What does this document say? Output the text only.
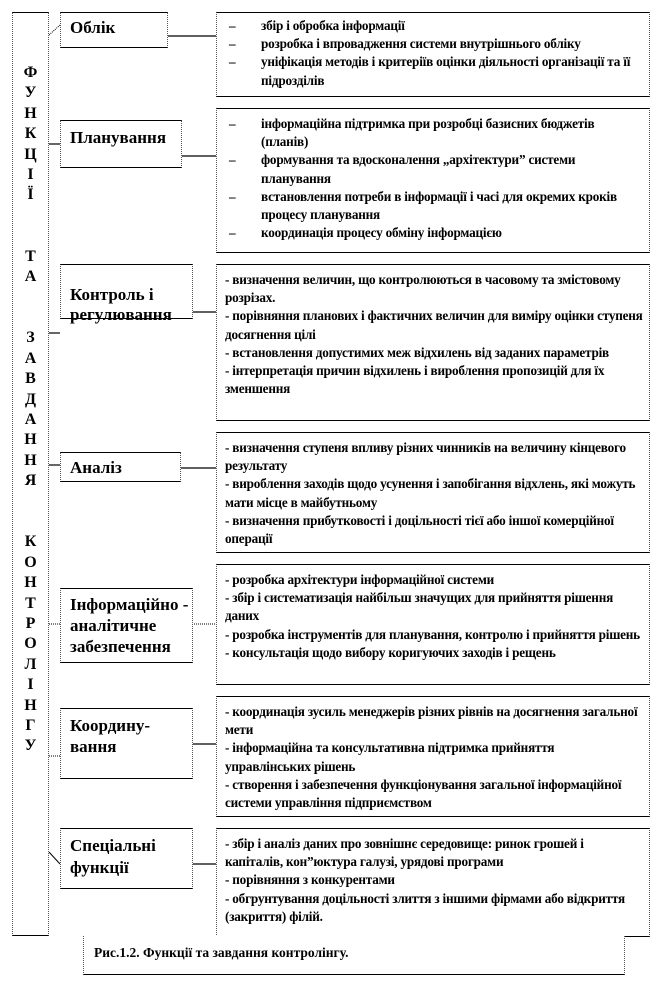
Ф
У
Н
К
Ц
І
Ї

Т
А

З
А
В
Д
А
Н
Н
Я

К
О
Н
Т
Р
О
Л
І
Н
Г
У
Облік
Планування
Контроль і регулювання
Аналіз
Інформаційно - аналітичне забезпечення
Координу-вання
Спеціальні функції
– збір і обробка інформації
– розробка і впровадження системи внутрішнього обліку
– уніфікація методів і критеріїв оцінки діяльності організації та її підрозділів
– інформаційна підтримка при розробці базисних бюджетів (планів)
– формування та вдосконалення „архітектури” системи планування
– встановлення потреби в інформації і часі для окремих кроків процесу планування
– координація процесу обміну інформацією
- визначення величин, що контролюються в часовому та змістовому розрізах.
- порівняння планових і фактичних величин для виміру оцінки ступеня досягнення цілі
- встановлення допустимих меж відхилень від заданих параметрів
- інтерпретація причин відхилень і вироблення пропозицій для їх зменшення
- визначення ступеня впливу різних чинників на величину кінцевого результату
- вироблення заходів щодо усунення і запобігання відхлень, які можуть мати місце в майбутньому
- визначення прибутковості і доцільності тієї або іншої комерційної операції
- розробка архітектури інформаційної системи
- збір і систематизація найбільш значущих для прийняття рішення даних
- розробка інструментів для планування, контролю і прийняття рішень
- консультація щодо вибору коригуючих заходів і рещень
- координація зусиль менеджерів різних рівнів на досягнення загальної мети
- інформаційна та консультативна підтримка прийняття управлінських рішень
- створення і забезпечення функціонування загальної інформаційної системи управління підприємством
- збір і аналіз даних про зовнішнє середовище: ринок грошей і капіталів, кон”юктура галузі, урядові програми
- порівняння з конкурентами
- обгрунтування доцільності злиття з іншими фірмами або відкриття (закриття) філій.
Рис.1.2. Функції та завдання контролінгу.
